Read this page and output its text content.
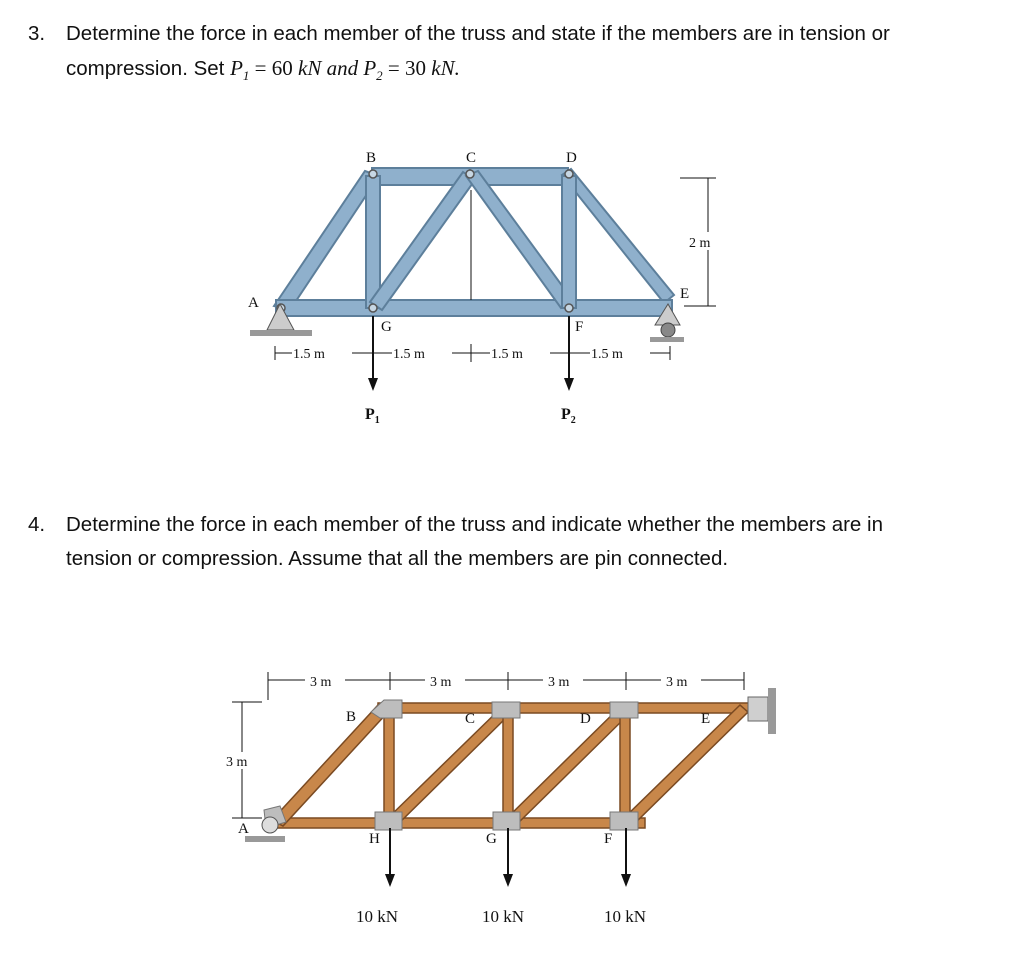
3. Determine the force in each member of the truss and state if the members are in tension or
compression. Set $P_1 = 60$ kN and $P_2 = 30$ kN.
B	C	D
A
E
G	F
1.5 m	1.5 m	1.5 m	1.5 m
2 m
$P_1$	$P_2$
A
B	C	D	E
H	G	F
3 m	3 m	3 m	3 m
3 m
10 kN	10 kN	10 kN
4. Determine the force in each member of the truss and indicate whether the members are in
tension or compression. Assume that all the members are pin connected.
